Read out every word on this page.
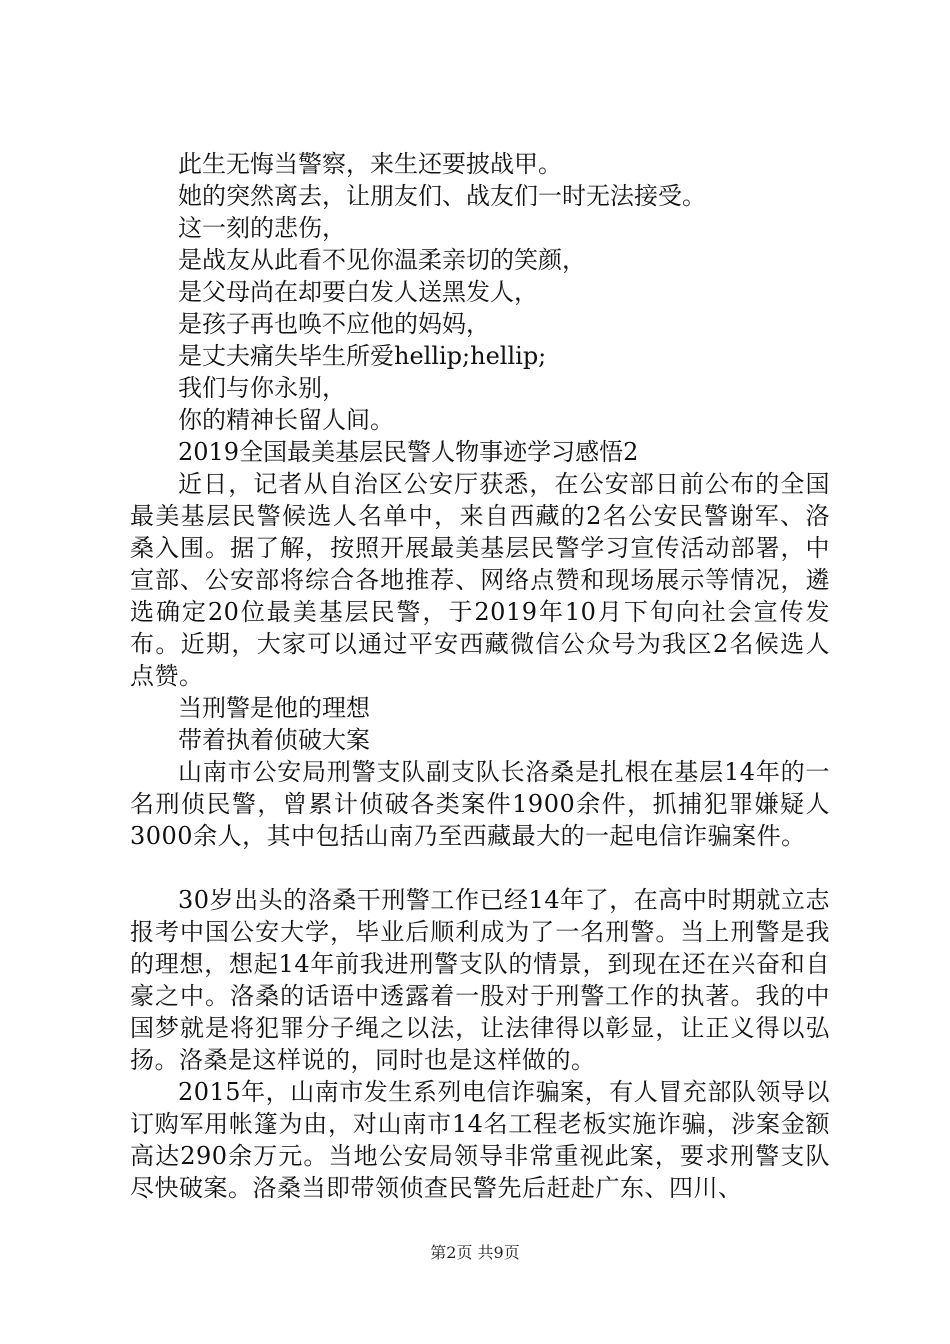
此生无悔当警察，来生还要披战甲。

她的突然离去，让朋友们、战友们一时无法接受。

这一刻的悲伤，

是战友从此看不见你温柔亲切的笑颜，

是父母尚在却要白发人送黑发人，

是孩子再也唤不应他的妈妈，

是丈夫痛失毕生所爱hellip;hellip;

我们与你永别，

你的精神长留人间。

2019全国最美基层民警人物事迹学习感悟2

近日，记者从自治区公安厅获悉，在公安部日前公布的全国最美基层民警候选人名单中，来自西藏的2名公安民警谢军、洛桑入围。据了解，按照开展最美基层民警学习宣传活动部署，中宣部、公安部将综合各地推荐、网络点赞和现场展示等情况，遴选确定20位最美基层民警，于2019年10月下旬向社会宣传发布。近期，大家可以通过平安西藏微信公众号为我区2名候选人点赞。

当刑警是他的理想

带着执着侦破大案

山南市公安局刑警支队副支队长洛桑是扎根在基层14年的一名刑侦民警，曾累计侦破各类案件1900余件，抓捕犯罪嫌疑人3000余人，其中包括山南乃至西藏最大的一起电信诈骗案件。

30岁出头的洛桑干刑警工作已经14年了，在高中时期就立志报考中国公安大学，毕业后顺利成为了一名刑警。当上刑警是我的理想，想起14年前我进刑警支队的情景，到现在还在兴奋和自豪之中。洛桑的话语中透露着一股对于刑警工作的执著。我的中国梦就是将犯罪分子绳之以法，让法律得以彰显，让正义得以弘扬。洛桑是这样说的，同时也是这样做的。

2015年，山南市发生系列电信诈骗案，有人冒充部队领导以订购军用帐篷为由，对山南市14名工程老板实施诈骗，涉案金额高达290余万元。当地公安局领导非常重视此案，要求刑警支队尽快破案。洛桑当即带领侦查民警先后赶赴广东、四川、

第2页 共9页
